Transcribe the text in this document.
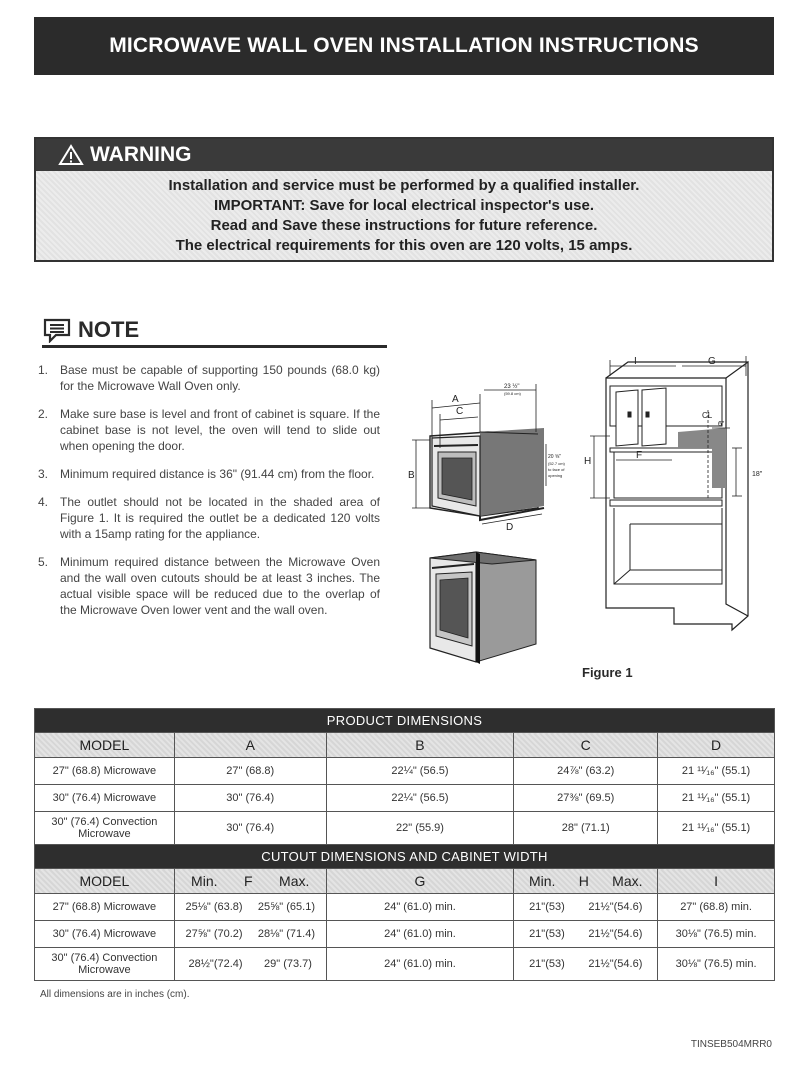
MICROWAVE WALL OVEN INSTALLATION INSTRUCTIONS
WARNING
Installation and service must be performed by a qualified installer.
IMPORTANT: Save for local electrical inspector's use.
Read and Save these instructions for future reference.
The electrical requirements for this oven are 120 volts, 15 amps.
NOTE
1. Base must be capable of supporting 150 pounds (68.0 kg) for the Microwave Wall Oven only.
2. Make sure base is level and front of cabinet is square. If the cabinet base is not level, the oven will tend to slide out when opening the door.
3. Minimum required distance is 36" (91.44 cm) from the floor.
4. The outlet should not be located in the shaded area of Figure 1. It is required the outlet be a dedicated 120 volts with a 15amp rating for the appliance.
5. Minimum required distance between the Microwave Oven and the wall oven cutouts should be at least 3 inches. The actual visible space will be reduced due to the overlap of the Microwave Oven lower vent and the wall oven.
A
C
B
D
23 ½"
(59.8 cm)
20 ⅝"
(52.7 cm)
to face of
opening
I	G
H
F
CL
6"
18"
Figure 1
PRODUCT DIMENSIONS				
MODEL	A	B	C	D
27" (68.8) Microwave	27" (68.8)	22¼" (56.5)	24⅞" (63.2)	21 ¹¹⁄₁₆" (55.1)
30" (76.4) Microwave	30" (76.4)	22¼" (56.5)	27⅜" (69.5)	21 ¹¹⁄₁₆" (55.1)
30" (76.4) Convection Microwave	30" (76.4)	22" (55.9)	28" (71.1)	21 ¹¹⁄₁₆" (55.1)
CUTOUT DIMENSIONS AND CABINET WIDTH				
MODEL	Min. F Max.	G	Min. H Max.	I
27" (68.8) Microwave	25⅛" (63.8) 25⅝" (65.1)	24" (61.0) min.	21"(53) 21½"(54.6)	27" (68.8) min.
30" (76.4) Microwave	27⅝" (70.2) 28⅛" (71.4)	24" (61.0) min.	21"(53) 21½"(54.6)	30⅛" (76.5) min.
30" (76.4) Convection Microwave	28½"(72.4) 29" (73.7)	24" (61.0) min.	21"(53) 21½"(54.6)	30⅛" (76.5) min.
All dimensions are in inches (cm).
TINSEB504MRR0
